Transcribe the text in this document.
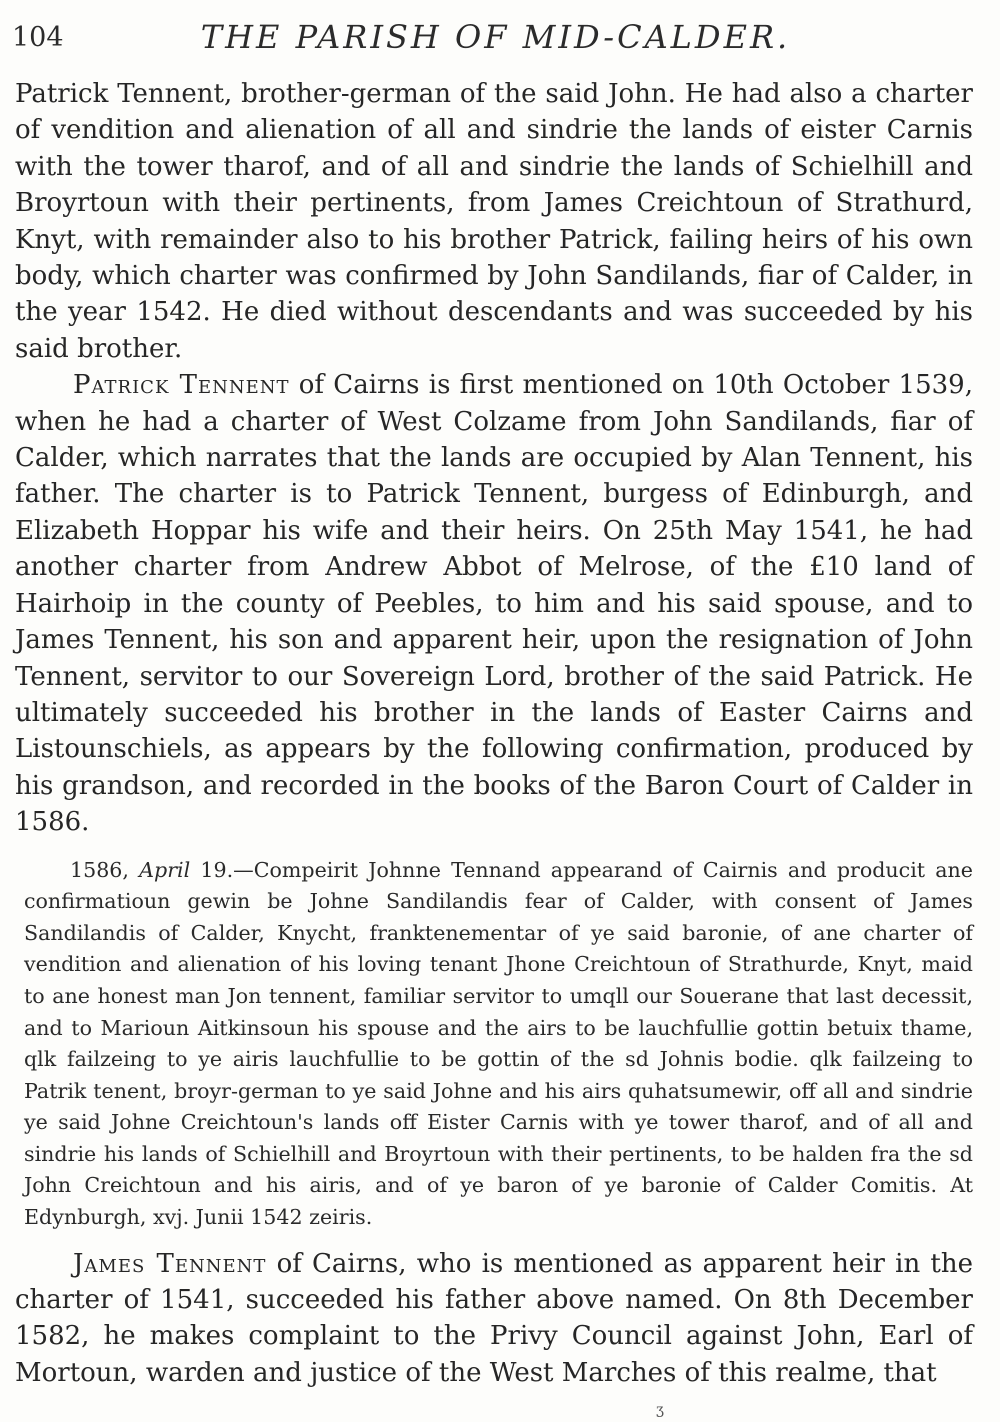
104	THE PARISH OF MID-CALDER.

Patrick Tennent, brother-german of the said John. He had also a charter of vendition and alienation of all and sindrie the lands of eister Carnis with the tower tharof, and of all and sindrie the lands of Schielhill and Broyrtoun with their pertinents, from James Creichtoun of Strathurd, Knyt, with remainder also to his brother Patrick, failing heirs of his own body, which charter was confirmed by John Sandilands, fiar of Calder, in the year 1542. He died without descendants and was succeeded by his said brother.

Patrick Tennent of Cairns is first mentioned on 10th October 1539, when he had a charter of West Colzame from John Sandilands, fiar of Calder, which narrates that the lands are occupied by Alan Tennent, his father. The charter is to Patrick Tennent, burgess of Edinburgh, and Elizabeth Hoppar his wife and their heirs. On 25th May 1541, he had another charter from Andrew Abbot of Melrose, of the £10 land of Hairhoip in the county of Peebles, to him and his said spouse, and to James Tennent, his son and apparent heir, upon the resignation of John Tennent, servitor to our Sovereign Lord, brother of the said Patrick. He ultimately succeeded his brother in the lands of Easter Cairns and Listounschiels, as appears by the following confirmation, produced by his grandson, and recorded in the books of the Baron Court of Calder in 1586.

1586, April 19.—Compeirit Johnne Tennand appearand of Cairnis and producit ane confirmatioun gewin be Johne Sandilandis fear of Calder, with consent of James Sandilandis of Calder, Knycht, franktenementar of ye said baronie, of ane charter of vendition and alienation of his loving tenant Jhone Creichtoun of Strathurde, Knyt, maid to ane honest man Jon tennent, familiar servitor to umqll our Souerane that last decessit, and to Marioun Aitkinsoun his spouse and the airs to be lauchfullie gottin betuix thame, qlk failzeing to ye airis lauchfullie to be gottin of the sd Johnis bodie. qlk failzeing to Patrik tenent, broyr-german to ye said Johne and his airs quhatsumewir, off all and sindrie ye said Johne Creichtoun's lands off Eister Carnis with ye tower tharof, and of all and sindrie his lands of Schielhill and Broyrtoun with their pertinents, to be halden fra the sd John Creichtoun and his airis, and of ye baron of ye baronie of Calder Comitis. At Edynburgh, xvj. Junii 1542 zeiris.

James Tennent of Cairns, who is mentioned as apparent heir in the charter of 1541, succeeded his father above named. On 8th December 1582, he makes complaint to the Privy Council against John, Earl of Mortoun, warden and justice of the West Marches of this realme, that

ʒ
